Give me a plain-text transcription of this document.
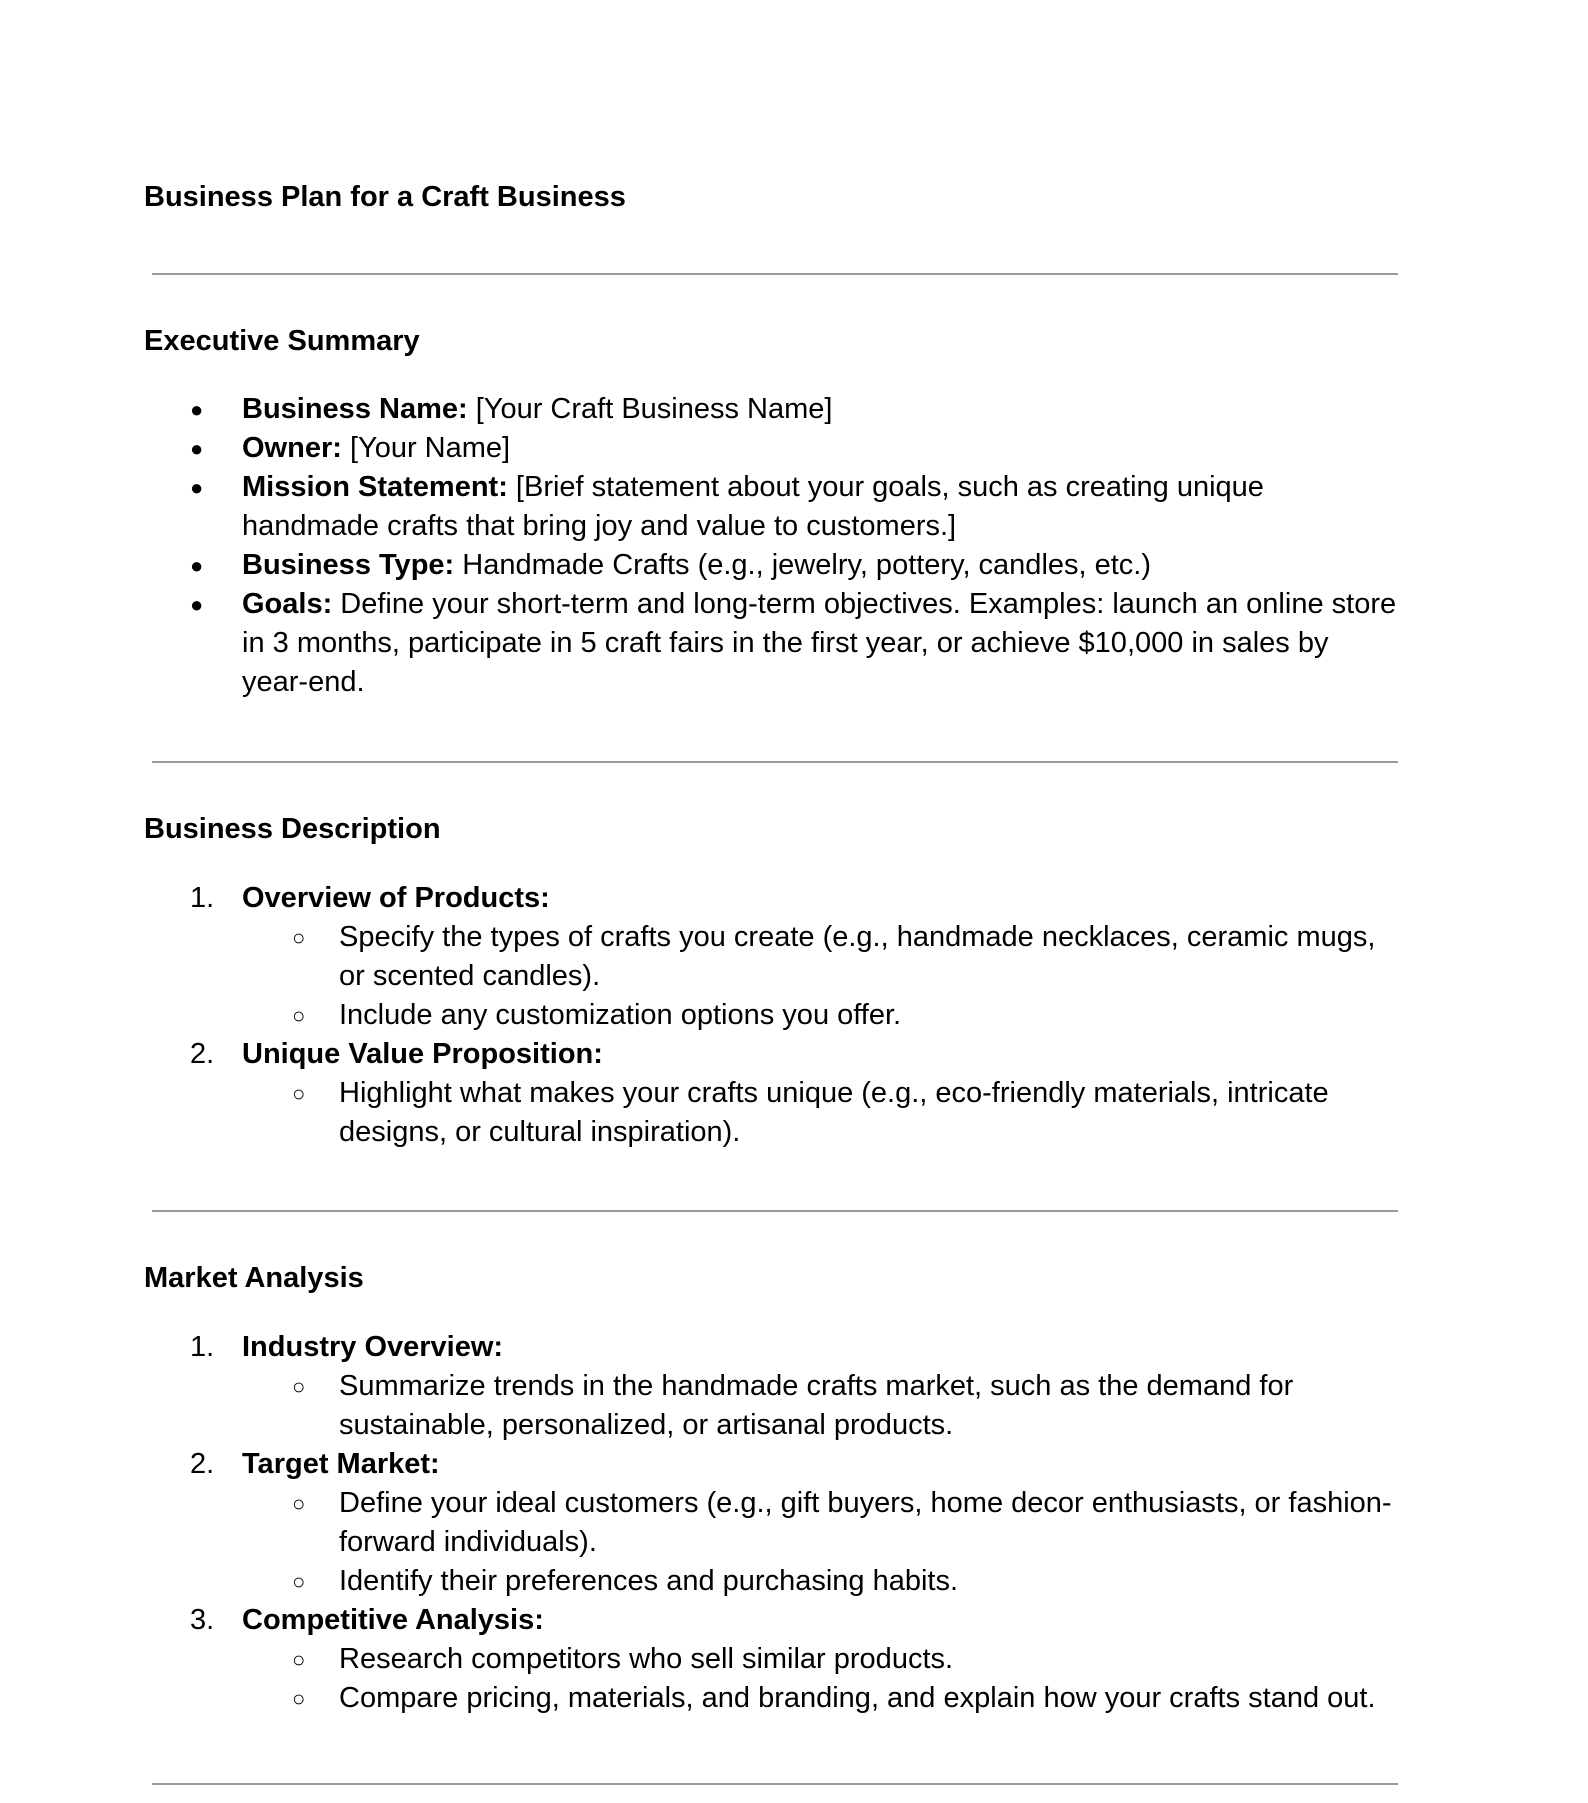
Business Plan for a Craft Business
Executive Summary
●	Business Name: [Your Craft Business Name]
●	Owner: [Your Name]
●	Mission Statement: [Brief statement about your goals, such as creating unique handmade crafts that bring joy and value to customers.]
●	Business Type: Handmade Crafts (e.g., jewelry, pottery, candles, etc.)
●	Goals: Define your short-term and long-term objectives. Examples: launch an online store in 3 months, participate in 5 craft fairs in the first year, or achieve $10,000 in sales by year-end.
Business Description
1. Overview of Products:
○ Specify the types of crafts you create (e.g., handmade necklaces, ceramic mugs, or scented candles).
○ Include any customization options you offer.
2. Unique Value Proposition:
○ Highlight what makes your crafts unique (e.g., eco-friendly materials, intricate designs, or cultural inspiration).
Market Analysis
1. Industry Overview:
○ Summarize trends in the handmade crafts market, such as the demand for sustainable, personalized, or artisanal products.
2. Target Market:
○ Define your ideal customers (e.g., gift buyers, home decor enthusiasts, or fashion-forward individuals).
○ Identify their preferences and purchasing habits.
3. Competitive Analysis:
○ Research competitors who sell similar products.
○ Compare pricing, materials, and branding, and explain how your crafts stand out.
